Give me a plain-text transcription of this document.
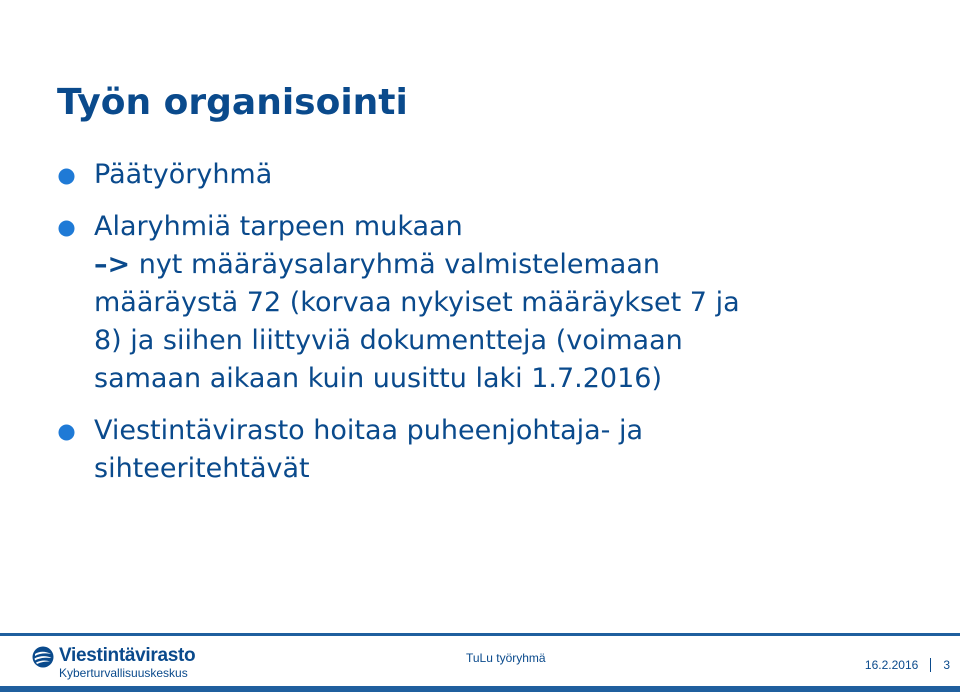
Työn organisointi
Päätyöryhmä
Alaryhmiä tarpeen mukaan
–> nyt määräysalaryhmä valmistelemaan
määräystä 72 (korvaa nykyiset määräykset 7 ja
8) ja siihen liittyviä dokumentteja (voimaan
samaan aikaan kuin uusittu laki 1.7.2016)
Viestintävirasto hoitaa puheenjohtaja- ja
sihteeritehtävät
Viestintävirasto
Kyberturvallisuuskeskus
TuLu työryhmä	16.2.2016 3
